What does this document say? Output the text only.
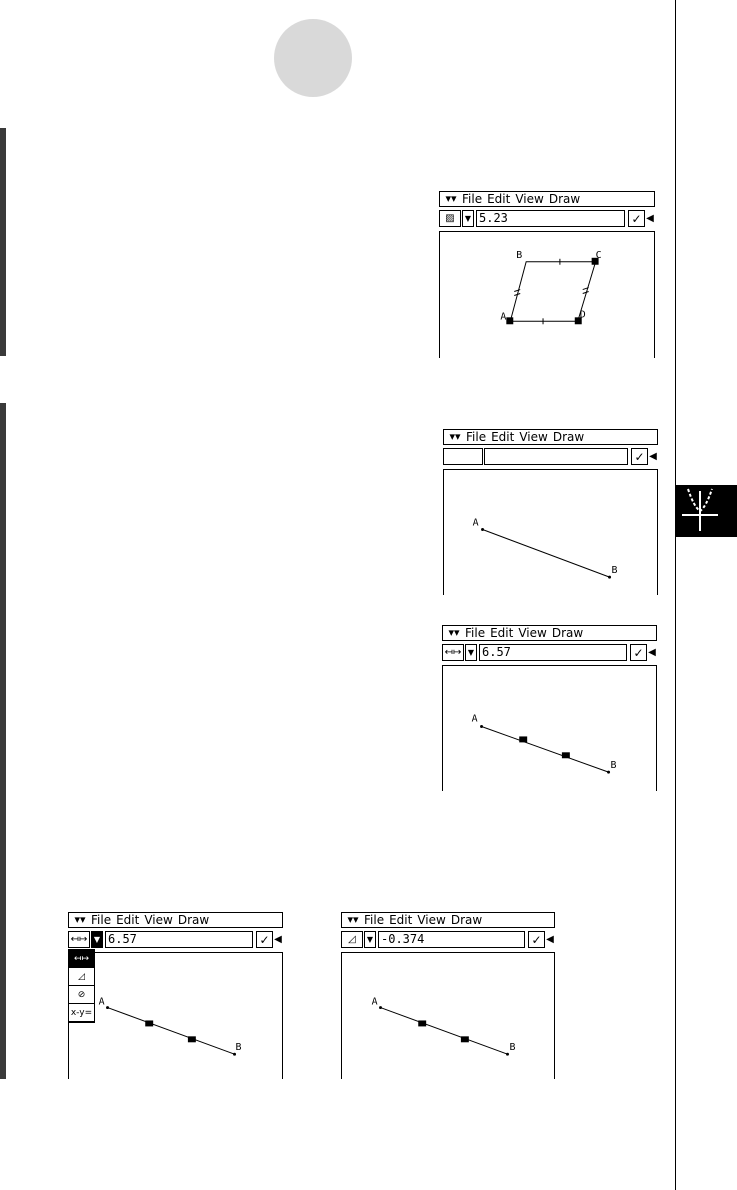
▾▾ File Edit View Draw
▨	▼ 5.23	✓ ◀
A
B	C
D
▾▾ File Edit View Draw
✓ ◀
A
B
▾▾ File Edit View Draw
↤↦ ▼ 6.57	✓ ◀
A
B
▾▾ File Edit View Draw
↤↦ ▼ 6.57	✓ ◀
↤↦
◿
⊘
x-y=
A
B
▾▾ File Edit View Draw
◿	▼ -0.374	✓ ◀
A
B
